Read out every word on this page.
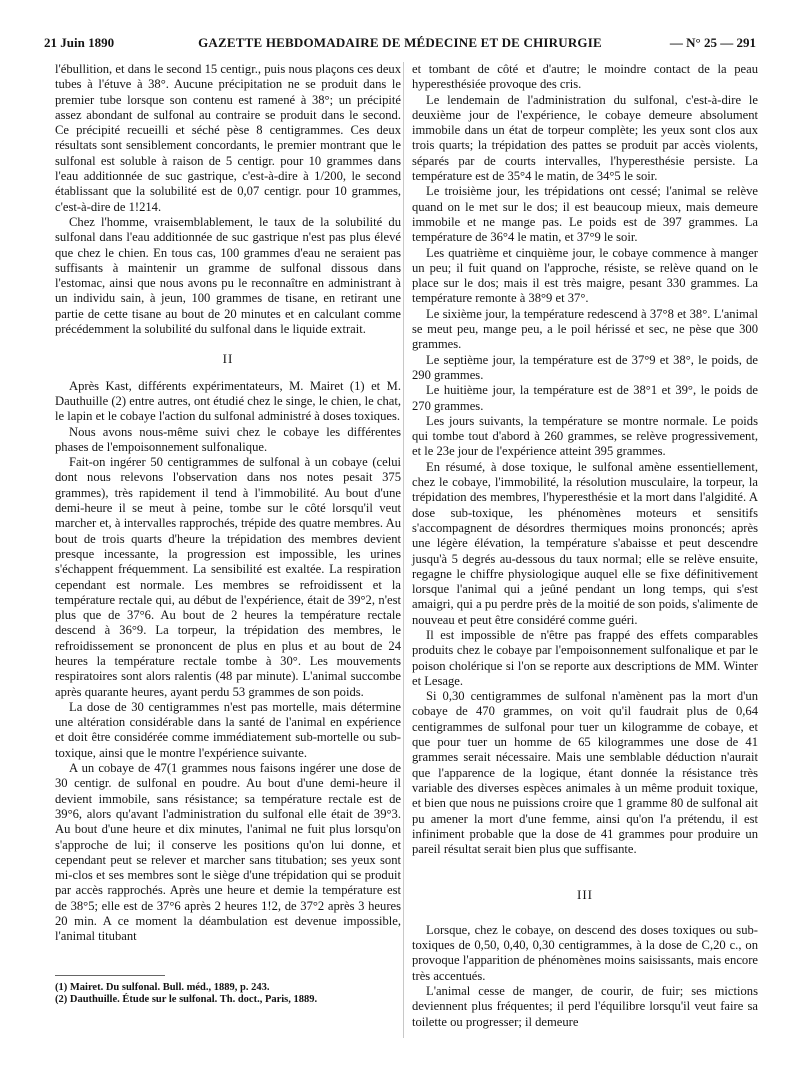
21 Juin 1890	GAZETTE HEBDOMADAIRE DE MÉDECINE ET DE CHIRURGIE	— N° 25 — 291

l'ébullition, et dans le second 15 centigr., puis nous plaçons ces deux tubes à l'étuve à 38°. Aucune précipitation ne se produit dans le premier tube lorsque son contenu est ramené à 38°; un précipité assez abondant de sulfonal au contraire se produit dans le second. Ce précipité recueilli et séché pèse 8 centigrammes. Ces deux résultats sont sensiblement concordants, le premier montrant que le sulfonal est soluble à raison de 5 centigr. pour 10 grammes dans l'eau additionnée de suc gastrique, c'est-à-dire à 1/200, le second établissant que la solubilité est de 0,07 centigr. pour 10 grammes, c'est-à-dire de 1!214.

Chez l'homme, vraisemblablement, le taux de la solubilité du sulfonal dans l'eau additionnée de suc gastrique n'est pas plus élevé que chez le chien. En tous cas, 100 grammes d'eau ne seraient pas suffisants à maintenir un gramme de sulfonal dissous dans l'estomac, ainsi que nous avons pu le reconnaître en administrant à un individu sain, à jeun, 100 grammes de tisane, en retirant une partie de cette tisane au bout de 20 minutes et en calculant comme précédemment la solubilité du sulfonal dans le liquide extrait.

II

Après Kast, différents expérimentateurs, M. Mairet (1) et M. Dauthuille (2) entre autres, ont étudié chez le singe, le chien, le chat, le lapin et le cobaye l'action du sulfonal administré à doses toxiques.

Nous avons nous-même suivi chez le cobaye les différentes phases de l'empoisonnement sulfonalique.

Fait-on ingérer 50 centigrammes de sulfonal à un cobaye (celui dont nous relevons l'observation dans nos notes pesait 375 grammes), très rapidement il tend à l'immobilité. Au bout d'une demi-heure il se meut à peine, tombe sur le côté lorsqu'il veut marcher et, à intervalles rapprochés, trépide des quatre membres. Au bout de trois quarts d'heure la trépidation des membres devient presque incessante, la progression est impossible, les urines s'échappent fréquemment. La sensibilité est exaltée. La respiration cependant est normale. Les membres se refroidissent et la température rectale qui, au début de l'expérience, était de 39°2, n'est plus que de 37°6. Au bout de 2 heures la température rectale descend à 36°9. La torpeur, la trépidation des membres, le refroidissement se prononcent de plus en plus et au bout de 24 heures la température rectale tombe à 30°. Les mouvements respiratoires sont alors ralentis (48 par minute). L'animal succombe après quarante heures, ayant perdu 53 grammes de son poids.

La dose de 30 centigrammes n'est pas mortelle, mais détermine une altération considérable dans la santé de l'animal en expérience et doit être considérée comme immédiatement sub-mortelle ou sub-toxique, ainsi que le montre l'expérience suivante.

A un cobaye de 47(1 grammes nous faisons ingérer une dose de 30 centigr. de sulfonal en poudre. Au bout d'une demi-heure il devient immobile, sans résistance; sa température rectale est de 39°6, alors qu'avant l'administration du sulfonal elle était de 39°3. Au bout d'une heure et dix minutes, l'animal ne fuit plus lorsqu'on s'approche de lui; il conserve les positions qu'on lui donne, et cependant peut se relever et marcher sans titubation; ses yeux sont mi-clos et ses membres sont le siège d'une trépidation qui se produit par accès rapprochés. Après une heure et demie la température est de 38°5; elle est de 37°6 après 2 heures 1!2, de 37°2 après 3 heures 20 min. A ce moment la déambulation est devenue impossible, l'animal titubant

(1) Mairet. Du sulfonal. Bull. méd., 1889, p. 243.
(2) Dauthuille. Étude sur le sulfonal. Th. doct., Paris, 1889.

et tombant de côté et d'autre; le moindre contact de la peau hyperesthésiée provoque des cris.

Le lendemain de l'administration du sulfonal, c'est-à-dire le deuxième jour de l'expérience, le cobaye demeure absolument immobile dans un état de torpeur complète; les yeux sont clos aux trois quarts; la trépidation des pattes se produit par accès violents, séparés par de courts intervalles, l'hyperesthésie persiste. La température est de 35°4 le matin, de 34°5 le soir.

Le troisième jour, les trépidations ont cessé; l'animal se relève quand on le met sur le dos; il est beaucoup mieux, mais demeure immobile et ne mange pas. Le poids est de 397 grammes. La température de 36°4 le matin, et 37°9 le soir.

Les quatrième et cinquième jour, le cobaye commence à manger un peu; il fuit quand on l'approche, résiste, se relève quand on le place sur le dos; mais il est très maigre, pesant 330 grammes. La température remonte à 38°9 et 37°.

Le sixième jour, la température redescend à 37°8 et 38°. L'animal se meut peu, mange peu, a le poil hérissé et sec, ne pèse que 300 grammes.

Le septième jour, la température est de 37°9 et 38°, le poids, de 290 grammes.

Le huitième jour, la température est de 38°1 et 39°, le poids de 270 grammes.

Les jours suivants, la température se montre normale. Le poids qui tombe tout d'abord à 260 grammes, se relève progressivement, et le 23e jour de l'expérience atteint 395 grammes.

En résumé, à dose toxique, le sulfonal amène essentiellement, chez le cobaye, l'immobilité, la résolution musculaire, la torpeur, la trépidation des membres, l'hyperesthésie et la mort dans l'algidité. A dose sub-toxique, les phénomènes moteurs et sensitifs s'accompagnent de désordres thermiques moins prononcés; après une légère élévation, la température s'abaisse et peut descendre jusqu'à 5 degrés au-dessous du taux normal; elle se relève ensuite, regagne le chiffre physiologique auquel elle se fixe définitivement lorsque l'animal qui a jeûné pendant un long temps, qui s'est amaigri, qui a pu perdre près de la moitié de son poids, s'alimente de nouveau et peut être considéré comme guéri.

Il est impossible de n'être pas frappé des effets comparables produits chez le cobaye par l'empoisonnement sulfonalique et par le poison cholérique si l'on se reporte aux descriptions de MM. Winter et Lesage.

Si 0,30 centigrammes de sulfonal n'amènent pas la mort d'un cobaye de 470 grammes, on voit qu'il faudrait plus de 0,64 centigrammes de sulfonal pour tuer un kilogramme de cobaye, et que pour tuer un homme de 65 kilogrammes une dose de 41 grammes serait nécessaire. Mais une semblable déduction n'aurait que l'apparence de la logique, étant donnée la résistance très variable des diverses espèces animales à un même produit toxique, et bien que nous ne puissions croire que 1 gramme 80 de sulfonal ait pu amener la mort d'une femme, ainsi qu'on l'a prétendu, il est infiniment probable que la dose de 41 grammes pour produire un pareil résultat serait bien plus que suffisante.

III

Lorsque, chez le cobaye, on descend des doses toxiques ou sub-toxiques de 0,50, 0,40, 0,30 centigrammes, à la dose de C,20 c., on provoque l'apparition de phénomènes moins saisissants, mais encore très accentués.

L'animal cesse de manger, de courir, de fuir; ses mictions deviennent plus fréquentes; il perd l'équilibre lorsqu'il veut faire sa toilette ou progresser; il demeure
